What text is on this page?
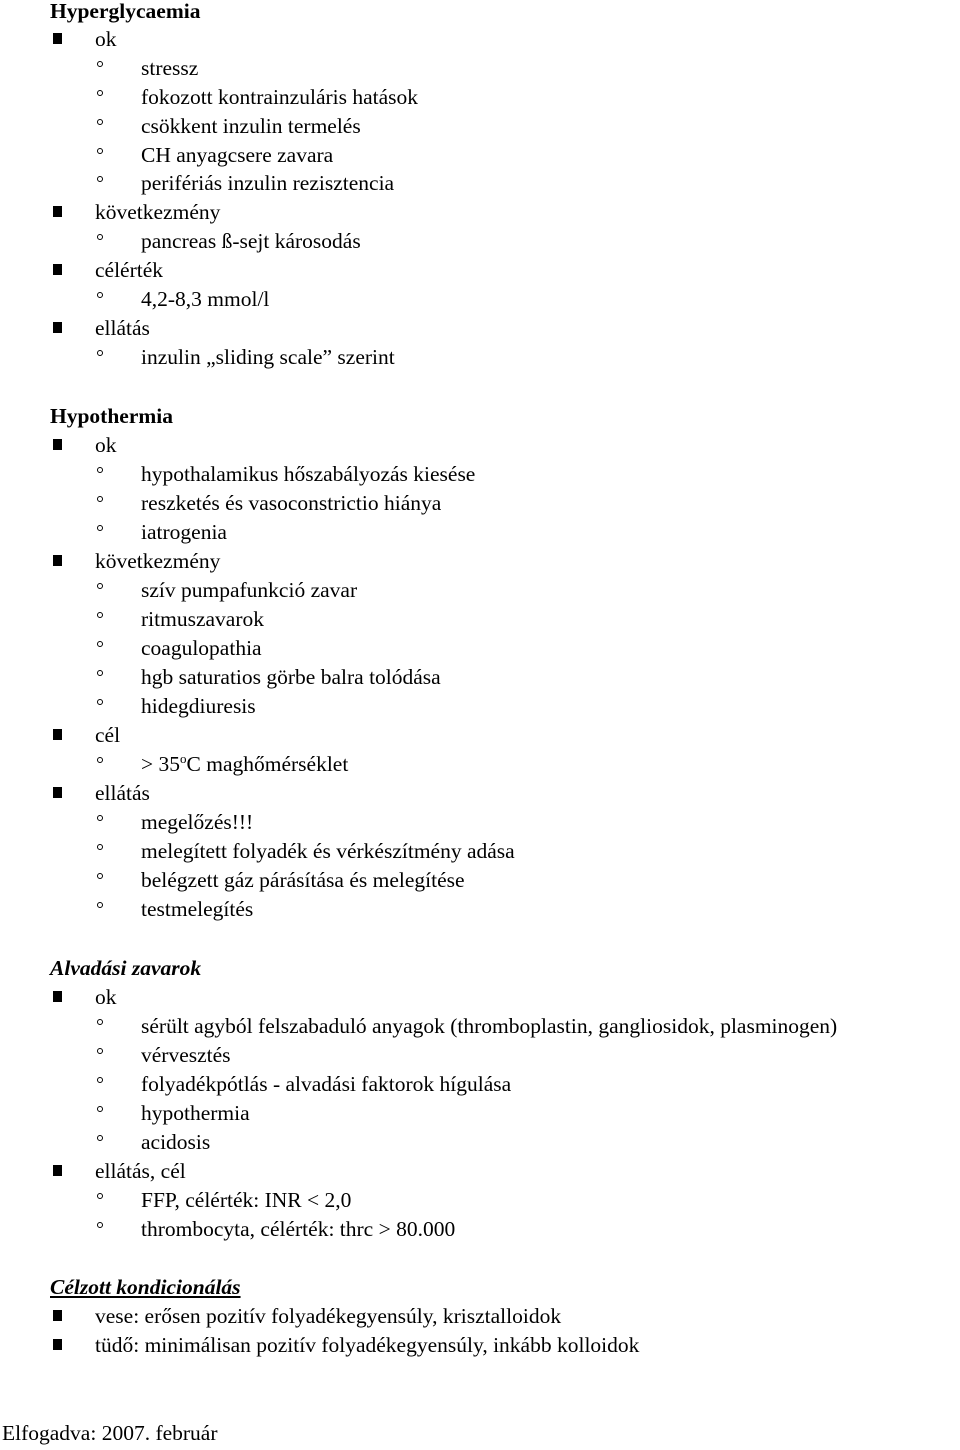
Hyperglycaemia
ok
stressz
fokozott kontrainzuláris hatások
csökkent inzulin termelés
CH anyagcsere zavara
perifériás inzulin rezisztencia
következmény
pancreas ß-sejt károsodás
célérték
4,2-8,3 mmol/l
ellátás
inzulin „sliding scale” szerint
Hypothermia
ok
hypothalamikus hőszabályozás kiesése
reszketés és vasoconstrictio hiánya
iatrogenia
következmény
szív pumpafunkció zavar
ritmuszavarok
coagulopathia
hgb saturatios görbe balra tolódása
hidegdiuresis
cél
> $35^oC$ maghőmérséklet
ellátás
megelőzés!!!
melegített folyadék és vérkészítmény adása
belégzett gáz párásítása és melegítése
testmelegítés
Alvadási zavarok
ok
sérült agyból felszabaduló anyagok (thromboplastin, gangliosidok, plasminogen)
vérvesztés
folyadékpótlás - alvadási faktorok hígulása
hypothermia
acidosis
ellátás, cél
FFP, célérték: INR < 2,0
thrombocyta, célérték: thrc > 80.000
Célzott kondicionálás
vese: erősen pozitív folyadékegyensúly, krisztalloidok
tüdő: minimálisan pozitív folyadékegyensúly, inkább kolloidok
Elfogadva: 2007. február
